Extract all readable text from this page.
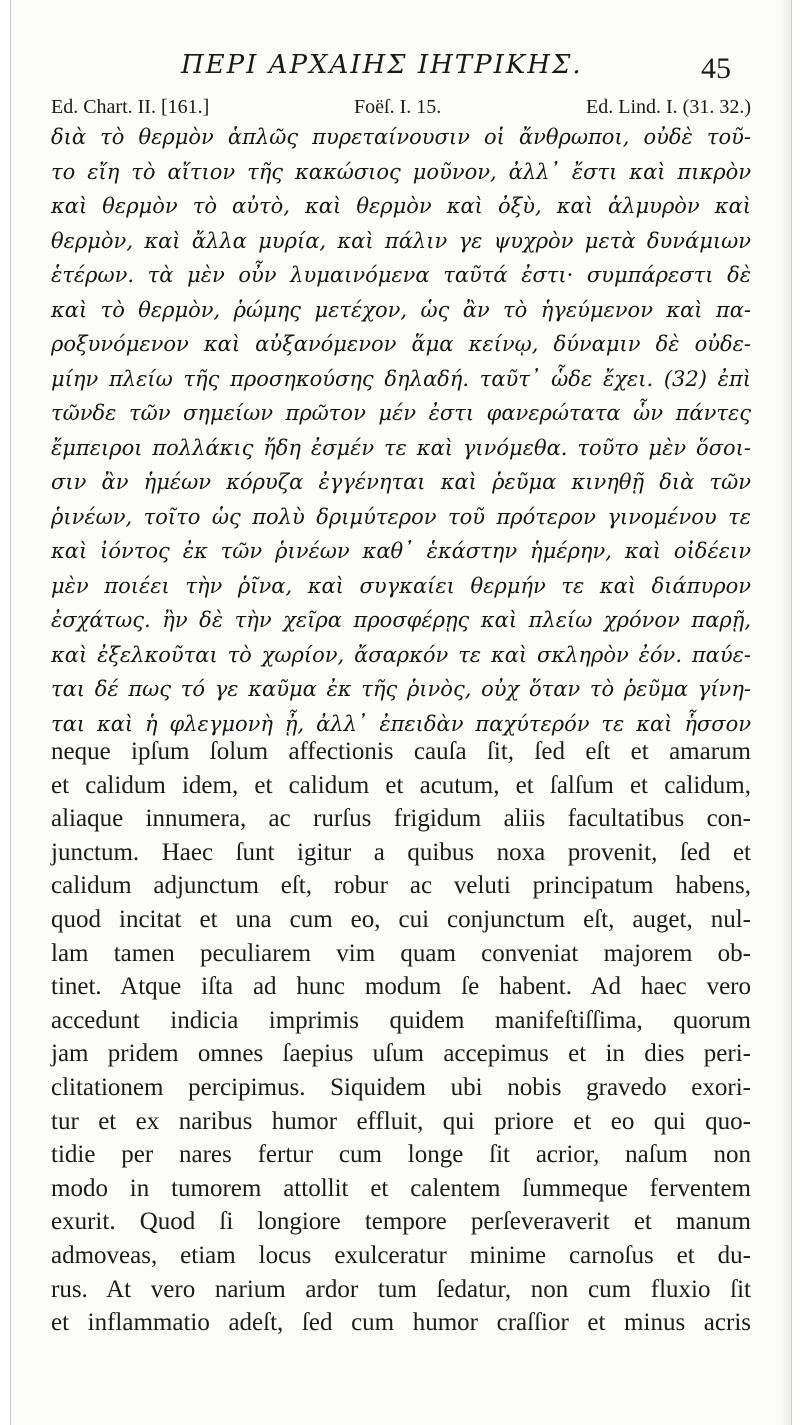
ΠΕΡΙ ΑΡΧΑΙΗΣ ΙΗΤΡΙΚΗΣ.	45
Ed. Chart. II. [161.]	Foëſ. I. 15.	Ed. Lind. I. (31. 32.)
διὰ τὸ θερμὸν ἁπλῶς πυρεταίνουσιν οἱ ἄνθρωποι, οὐδὲ τοῦ-
το εἴη τὸ αἴτιον τῆς κακώσιος μοῦνον, ἀλλ᾽ ἔστι καὶ πικρὸν
καὶ θερμὸν τὸ αὐτὸ, καὶ θερμὸν καὶ ὀξὺ, καὶ ἁλμυρὸν καὶ
θερμὸν, καὶ ἄλλα μυρία, καὶ πάλιν γε ψυχρὸν μετὰ δυνάμιων
ἑτέρων. τὰ μὲν οὖν λυμαινόμενα ταῦτά ἐστι· συμπάρεστι δὲ
καὶ τὸ θερμὸν, ῥώμης μετέχον, ὡς ἂν τὸ ἡγεύμενον καὶ πα-
ροξυνόμενον καὶ αὐξανόμενον ἅμα κείνῳ, δύναμιν δὲ οὐδε-
μίην πλείω τῆς προσηκούσης δηλαδή. ταῦτ᾽ ὧδε ἔχει. (32) ἐπὶ
τῶνδε τῶν σημείων πρῶτον μέν ἐστι φανερώτατα ὧν πάντες
ἔμπειροι πολλάκις ἤδη ἐσμέν τε καὶ γινόμεθα. τοῦτο μὲν ὅσοι-
σιν ἂν ἡμέων κόρυζα ἐγγένηται καὶ ῥεῦμα κινηθῇ διὰ τῶν
ῥινέων, τοῖτο ὡς πολὺ δριμύτερον τοῦ πρότερον γινομένου τε
καὶ ἰόντος ἐκ τῶν ῥινέων καθ᾽ ἑκάστην ἡμέρην, καὶ οἰδέειν
μὲν ποιέει τὴν ῥῖνα, καὶ συγκαίει θερμήν τε καὶ διάπυρον
ἐσχάτως. ἢν δὲ τὴν χεῖρα προσφέρῃς καὶ πλείω χρόνον παρῇ,
καὶ ἐξελκοῦται τὸ χωρίον, ἄσαρκόν τε καὶ σκληρὸν ἐόν. παύε-
ται δέ πως τό γε καῦμα ἐκ τῆς ῥινὸς, οὐχ ὅταν τὸ ῥεῦμα γίνη-
ται καὶ ἡ φλεγμονὴ ᾖ, ἀλλ᾽ ἐπειδὰν παχύτερόν τε καὶ ἧσσον
neque ipſum ſolum affectionis cauſa ſit, ſed eſt et amarum
et calidum idem, et calidum et acutum, et ſalſum et calidum,
aliaque innumera, ac rurſus frigidum aliis facultatibus con-
junctum. Haec ſunt igitur a quibus noxa provenit, ſed et
calidum adjunctum eſt, robur ac veluti principatum habens,
quod incitat et una cum eo, cui conjunctum eſt, auget, nul-
lam tamen peculiarem vim quam conveniat majorem ob-
tinet. Atque iſta ad hunc modum ſe habent. Ad haec vero
accedunt indicia imprimis quidem manifeſtiſſima, quorum
jam pridem omnes ſaepius uſum accepimus et in dies peri-
clitationem percipimus. Siquidem ubi nobis gravedo exori-
tur et ex naribus humor effluit, qui priore et eo qui quo-
tidie per nares fertur cum longe ſit acrior, naſum non
modo in tumorem attollit et calentem ſummeque ferventem
exurit. Quod ſi longiore tempore perſeveraverit et manum
admoveas, etiam locus exulceratur minime carnoſus et du-
rus. At vero narium ardor tum ſedatur, non cum fluxio ſit
et inflammatio adeſt, ſed cum humor craſſior et minus acris
